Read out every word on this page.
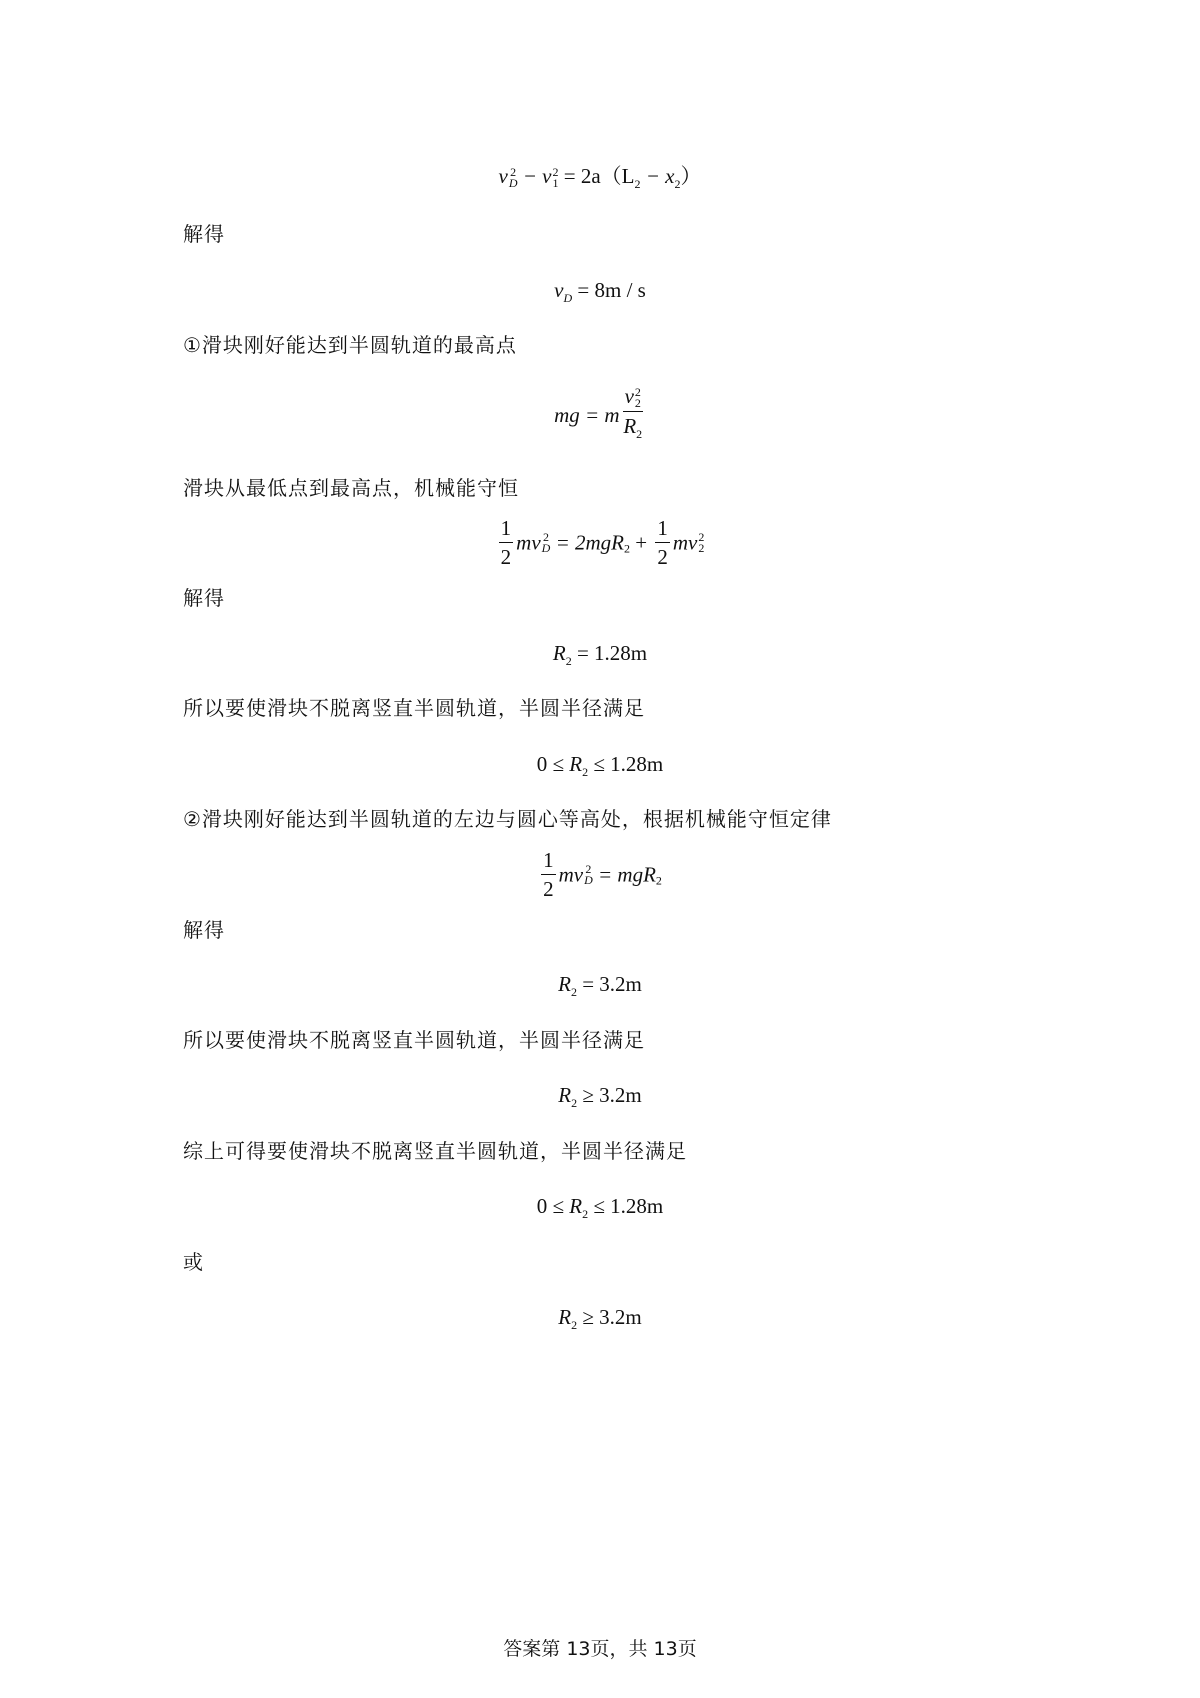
v 2
D − v 2
$1 = 2a(L_2 - x_2)$
解得
$v_D = 8m / s$
①滑块刚好能达到半圆轨道的最高点
mg = m v 2
2
$R_2$
滑块从最低点到最高点，机械能守恒
$\frac{1}{2}$ mv 2
$D = 2mgR_2 + \frac{1}{2}$ mv 2
2
解得
$R_2 = 1.28m$
所以要使滑块不脱离竖直半圆轨道，半圆半径满足
$0 \le R_2 \le 1.28m$
②滑块刚好能达到半圆轨道的左边与圆心等高处，根据机械能守恒定律
$\frac{1}{2}$ mv 2
D = mgR$_2$
解得
$R_2 = 3.2m$
所以要使滑块不脱离竖直半圆轨道，半圆半径满足
$R_2 \ge 3.2m$
综上可得要使滑块不脱离竖直半圆轨道，半圆半径满足
$0 \le R_2 \le 1.28m$
或
$R_2 \ge 3.2m$
答案第 13页，共 13页
